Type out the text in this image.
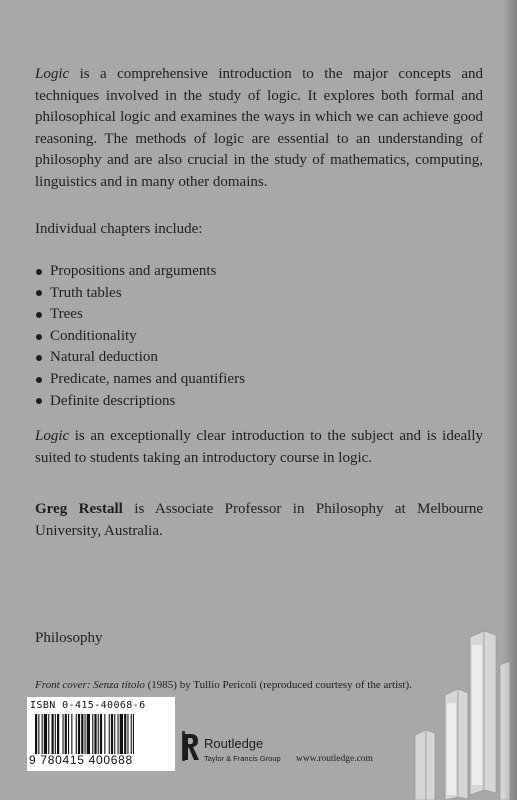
Logic is a comprehensive introduction to the major concepts and techniques involved in the study of logic. It explores both formal and philosophical logic and examines the ways in which we can achieve good reasoning. The methods of logic are essential to an understanding of philosophy and are also crucial in the study of mathematics, computing, linguistics and in many other domains.
Individual chapters include:
Propositions and arguments
Truth tables
Trees
Conditionality
Natural deduction
Predicate, names and quantifiers
Definite descriptions
Logic is an exceptionally clear introduction to the subject and is ideally suited to students taking an introductory course in logic.
Greg Restall is Associate Professor in Philosophy at Melbourne University, Australia.
Philosophy
Front cover: Senza titolo (1985) by Tullio Pericoli (reproduced courtesy of the artist).
ISBN 0-415-40068-6
9 780415 400688
Routledge
Taylor & Francis Group www.routledge.com
